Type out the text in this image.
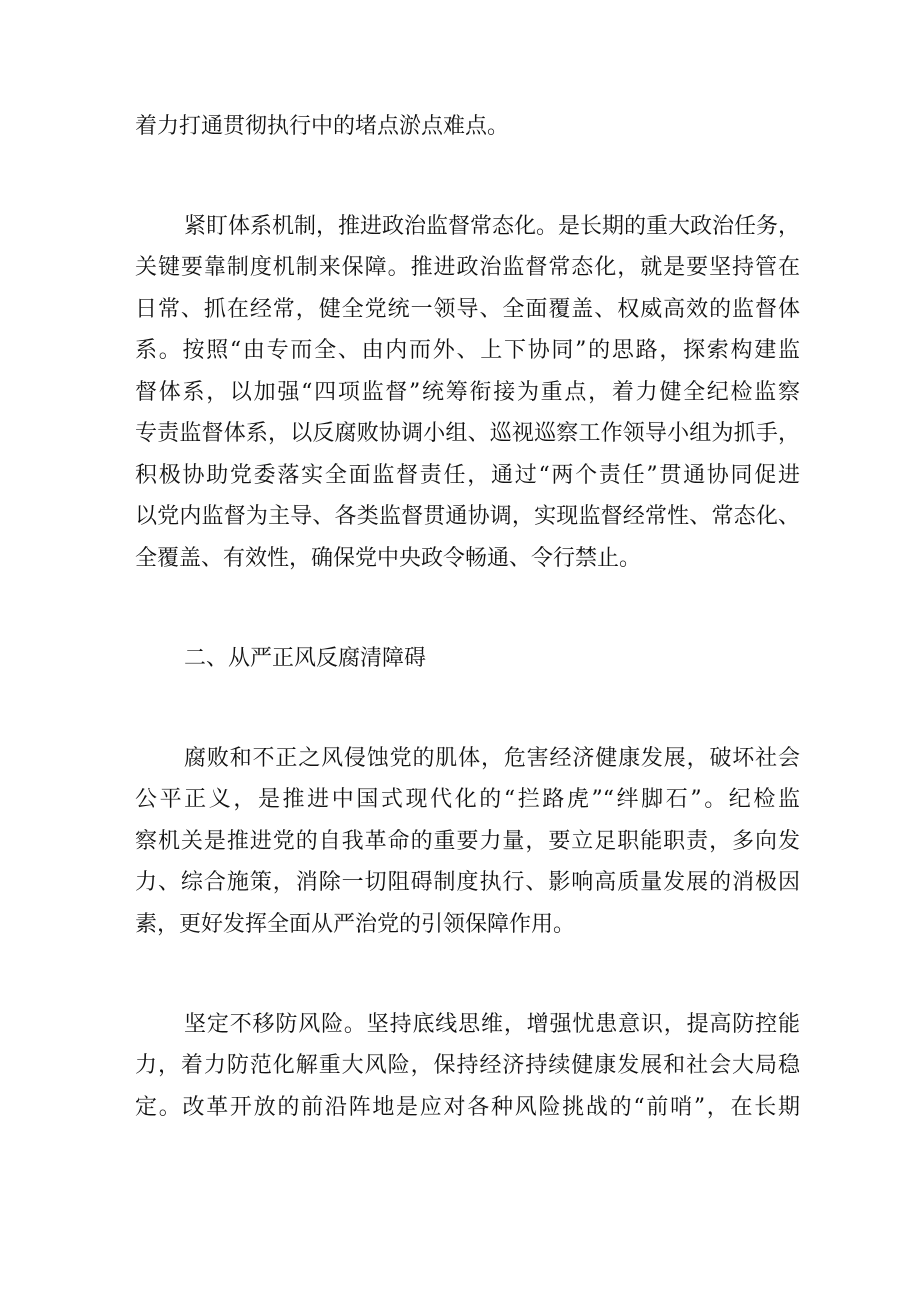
着力打通贯彻执行中的堵点淤点难点。
紧盯体系机制，推进政治监督常态化。是长期的重大政治任务，
关键要靠制度机制来保障。推进政治监督常态化，就是要坚持管在
日常、抓在经常，健全党统一领导、全面覆盖、权威高效的监督体
系。按照“由专而全、由内而外、上下协同”的思路，探索构建监
督体系，以加强“四项监督”统筹衔接为重点，着力健全纪检监察
专责监督体系，以反腐败协调小组、巡视巡察工作领导小组为抓手，
积极协助党委落实全面监督责任，通过“两个责任”贯通协同促进
以党内监督为主导、各类监督贯通协调，实现监督经常性、常态化、
全覆盖、有效性，确保党中央政令畅通、令行禁止。
二、从严正风反腐清障碍
腐败和不正之风侵蚀党的肌体，危害经济健康发展，破坏社会
公平正义，是推进中国式现代化的“拦路虎”“绊脚石”。纪检监
察机关是推进党的自我革命的重要力量，要立足职能职责，多向发
力、综合施策，消除一切阻碍制度执行、影响高质量发展的消极因
素，更好发挥全面从严治党的引领保障作用。
坚定不移防风险。坚持底线思维，增强忧患意识，提高防控能
力，着力防范化解重大风险，保持经济持续健康发展和社会大局稳
定。改革开放的前沿阵地是应对各种风险挑战的“前哨”，在长期
